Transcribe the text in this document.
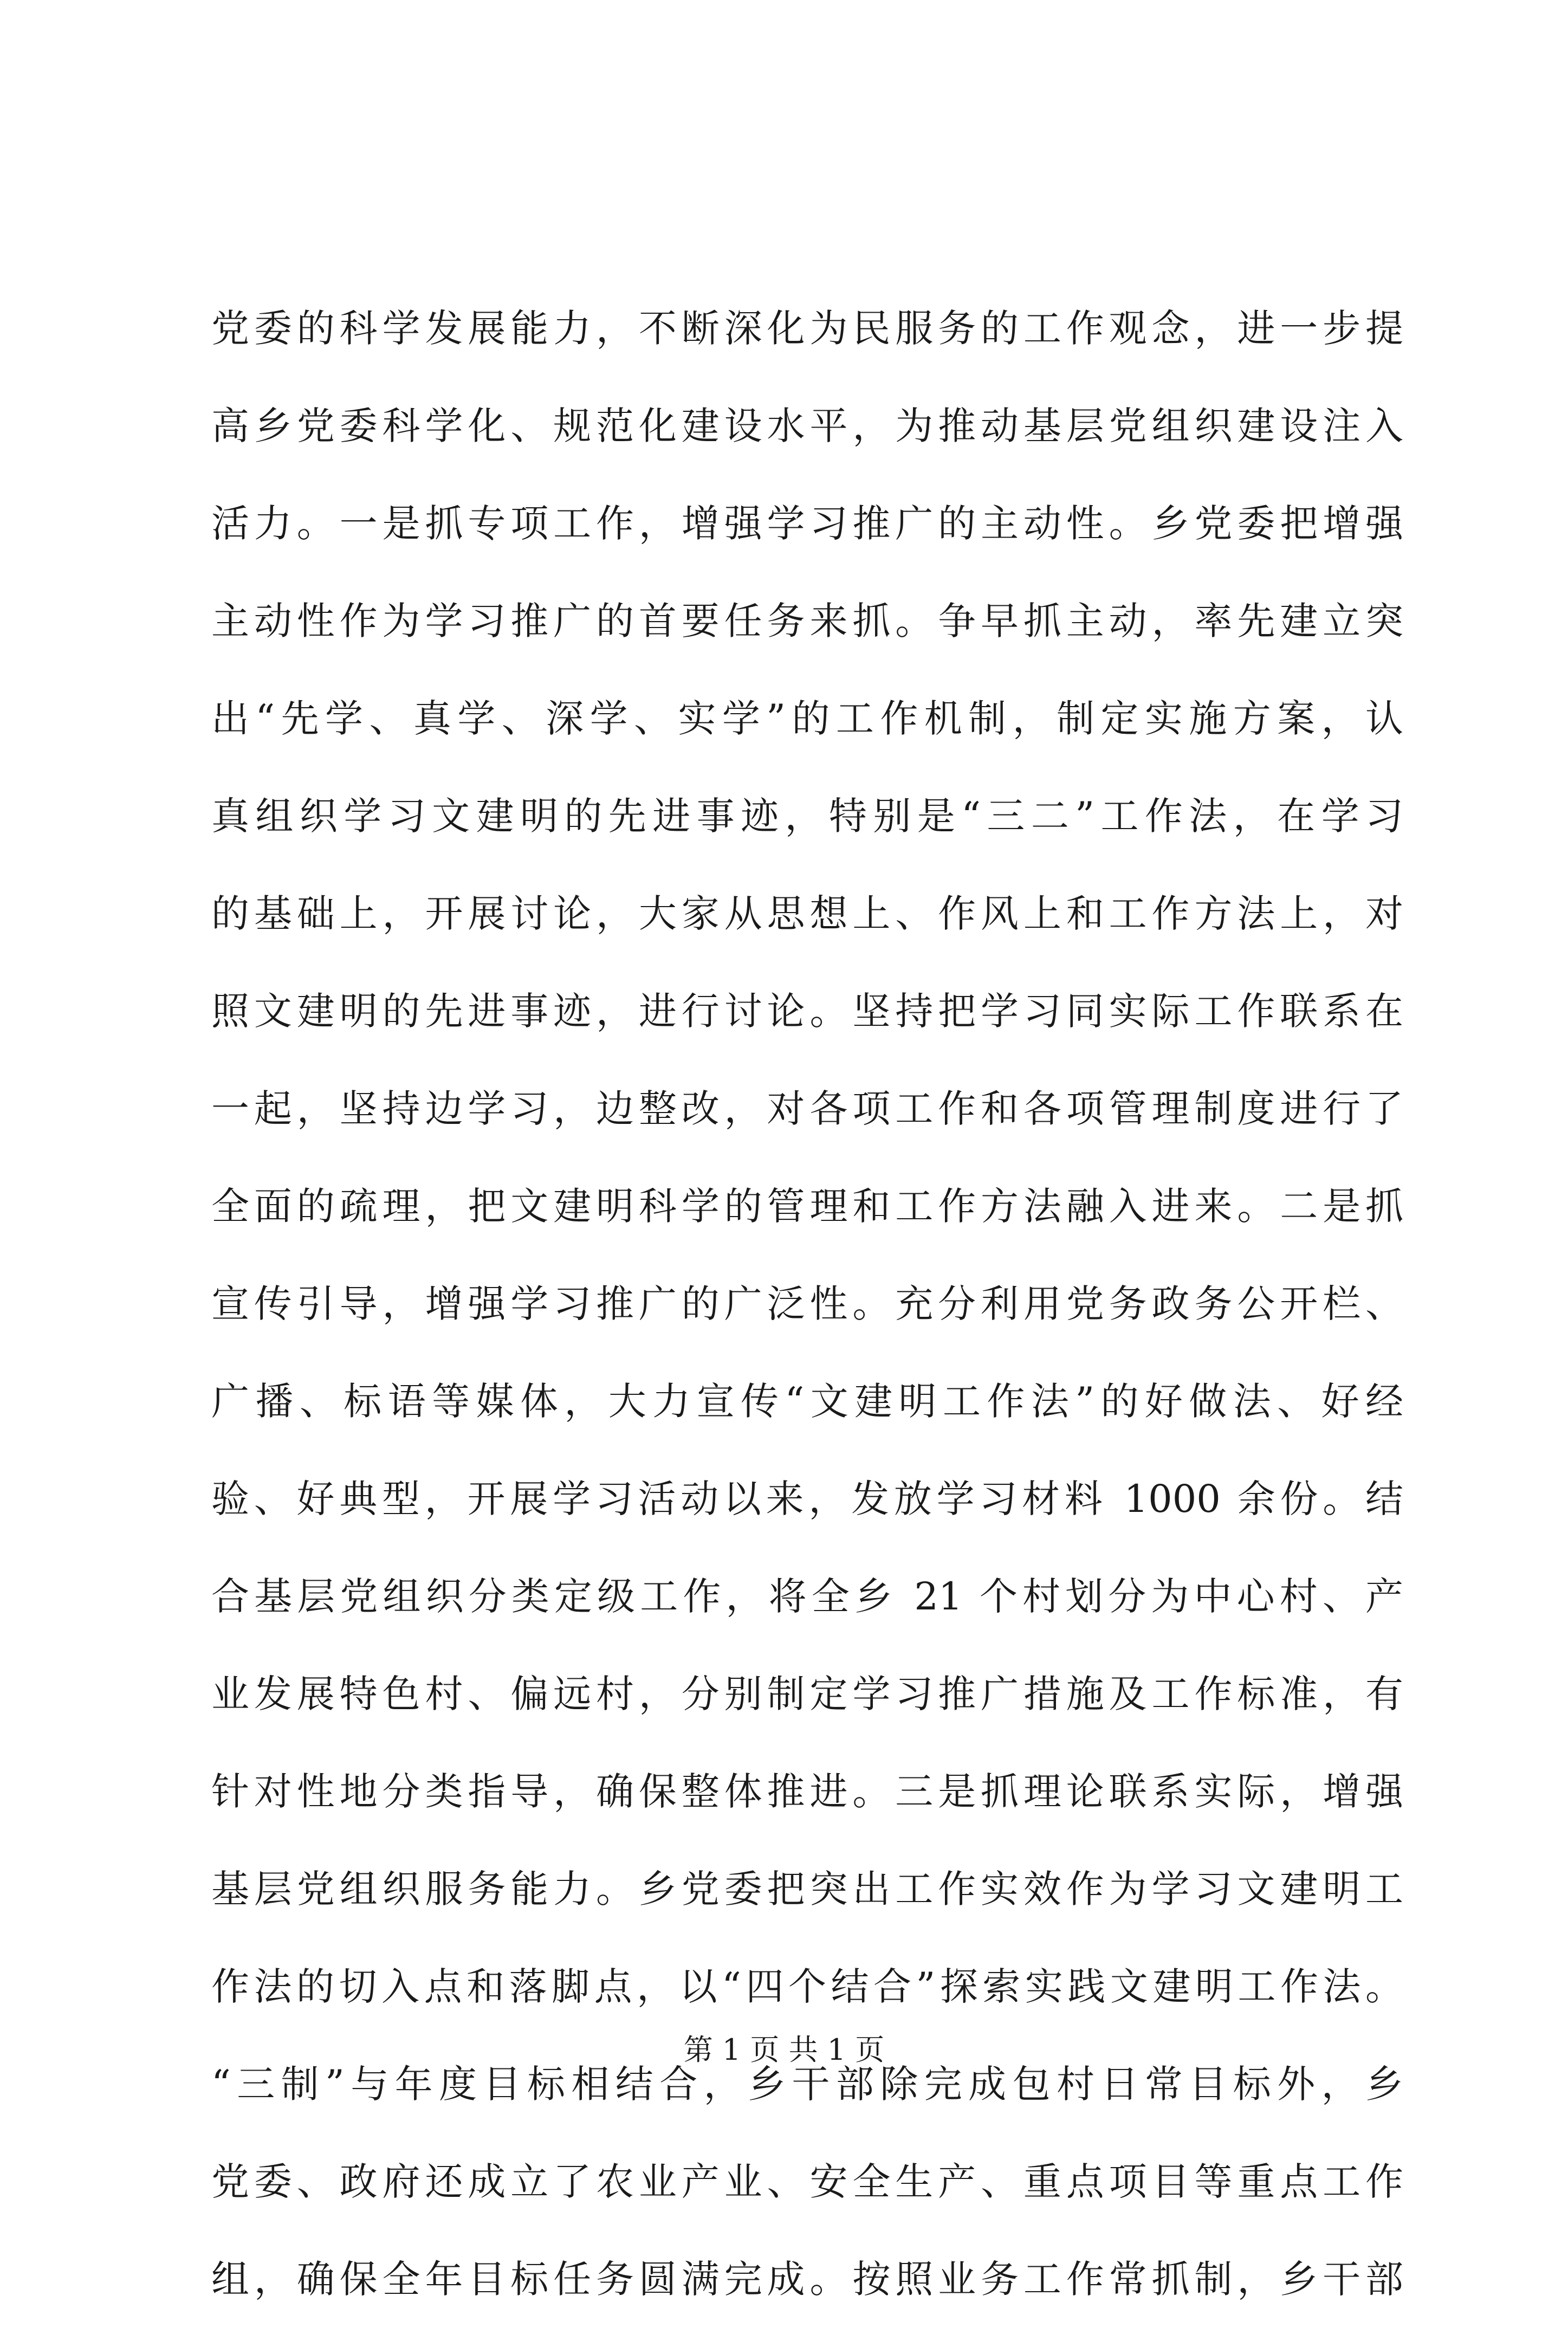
党委的科学发展能力，不断深化为民服务的工作观念，进一步提
高乡党委科学化、规范化建设水平，为推动基层党组织建设注入
活力。一是抓专项工作，增强学习推广的主动性。乡党委把增强
主动性作为学习推广的首要任务来抓。争早抓主动，率先建立突
出“先学、真学、深学、实学”的工作机制，制定实施方案，认
真组织学习文建明的先进事迹，特别是“三二”工作法，在学习
的基础上，开展讨论，大家从思想上、作风上和工作方法上，对
照文建明的先进事迹，进行讨论。坚持把学习同实际工作联系在
一起，坚持边学习，边整改，对各项工作和各项管理制度进行了
全面的疏理，把文建明科学的管理和工作方法融入进来。二是抓
宣传引导，增强学习推广的广泛性。充分利用党务政务公开栏、
广播、标语等媒体，大力宣传“文建明工作法”的好做法、好经
验、好典型，开展学习活动以来，发放学习材料 1000 余份。结
合基层党组织分类定级工作，将全乡 21 个村划分为中心村、产
业发展特色村、偏远村，分别制定学习推广措施及工作标准，有
针对性地分类指导，确保整体推进。三是抓理论联系实际，增强
基层党组织服务能力。乡党委把突出工作实效作为学习文建明工
作法的切入点和落脚点，以“四个结合”探索实践文建明工作法。
“三制”与年度目标相结合，乡干部除完成包村日常目标外，乡
党委、政府还成立了农业产业、安全生产、重点项目等重点工作
组，确保全年目标任务圆满完成。按照业务工作常抓制，乡干部
第 1 页 共 1 页
